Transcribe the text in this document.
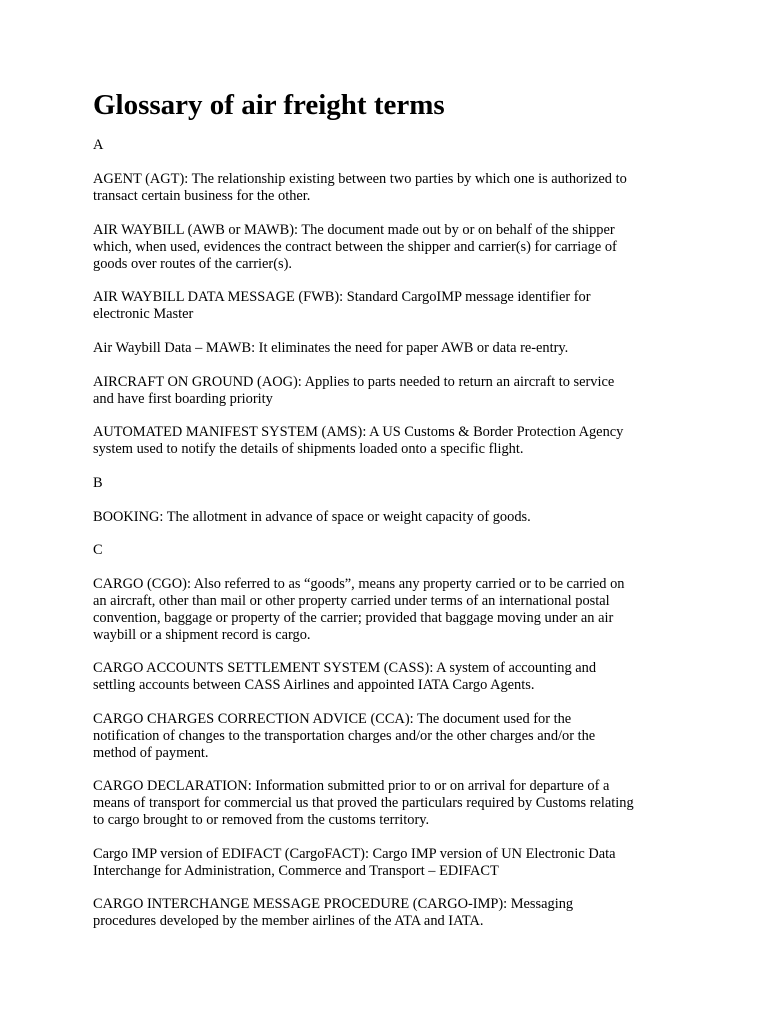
Glossary of air freight terms
A
AGENT (AGT): The relationship existing between two parties by which one is authorized to
transact certain business for the other.
AIR WAYBILL (AWB or MAWB): The document made out by or on behalf of the shipper
which, when used, evidences the contract between the shipper and carrier(s) for carriage of
goods over routes of the carrier(s).
AIR WAYBILL DATA MESSAGE (FWB): Standard CargoIMP message identifier for
electronic Master
Air Waybill Data – MAWB: It eliminates the need for paper AWB or data re-entry.
AIRCRAFT ON GROUND (AOG): Applies to parts needed to return an aircraft to service
and have first boarding priority
AUTOMATED MANIFEST SYSTEM (AMS): A US Customs & Border Protection Agency
system used to notify the details of shipments loaded onto a specific flight.
B
BOOKING: The allotment in advance of space or weight capacity of goods.
C
CARGO (CGO): Also referred to as “goods”, means any property carried or to be carried on
an aircraft, other than mail or other property carried under terms of an international postal
convention, baggage or property of the carrier; provided that baggage moving under an air
waybill or a shipment record is cargo.
CARGO ACCOUNTS SETTLEMENT SYSTEM (CASS): A system of accounting and
settling accounts between CASS Airlines and appointed IATA Cargo Agents.
CARGO CHARGES CORRECTION ADVICE (CCA): The document used for the
notification of changes to the transportation charges and/or the other charges and/or the
method of payment.
CARGO DECLARATION: Information submitted prior to or on arrival for departure of a
means of transport for commercial us that proved the particulars required by Customs relating
to cargo brought to or removed from the customs territory.
Cargo IMP version of EDIFACT (CargoFACT): Cargo IMP version of UN Electronic Data
Interchange for Administration, Commerce and Transport – EDIFACT
CARGO INTERCHANGE MESSAGE PROCEDURE (CARGO-IMP): Messaging
procedures developed by the member airlines of the ATA and IATA.
